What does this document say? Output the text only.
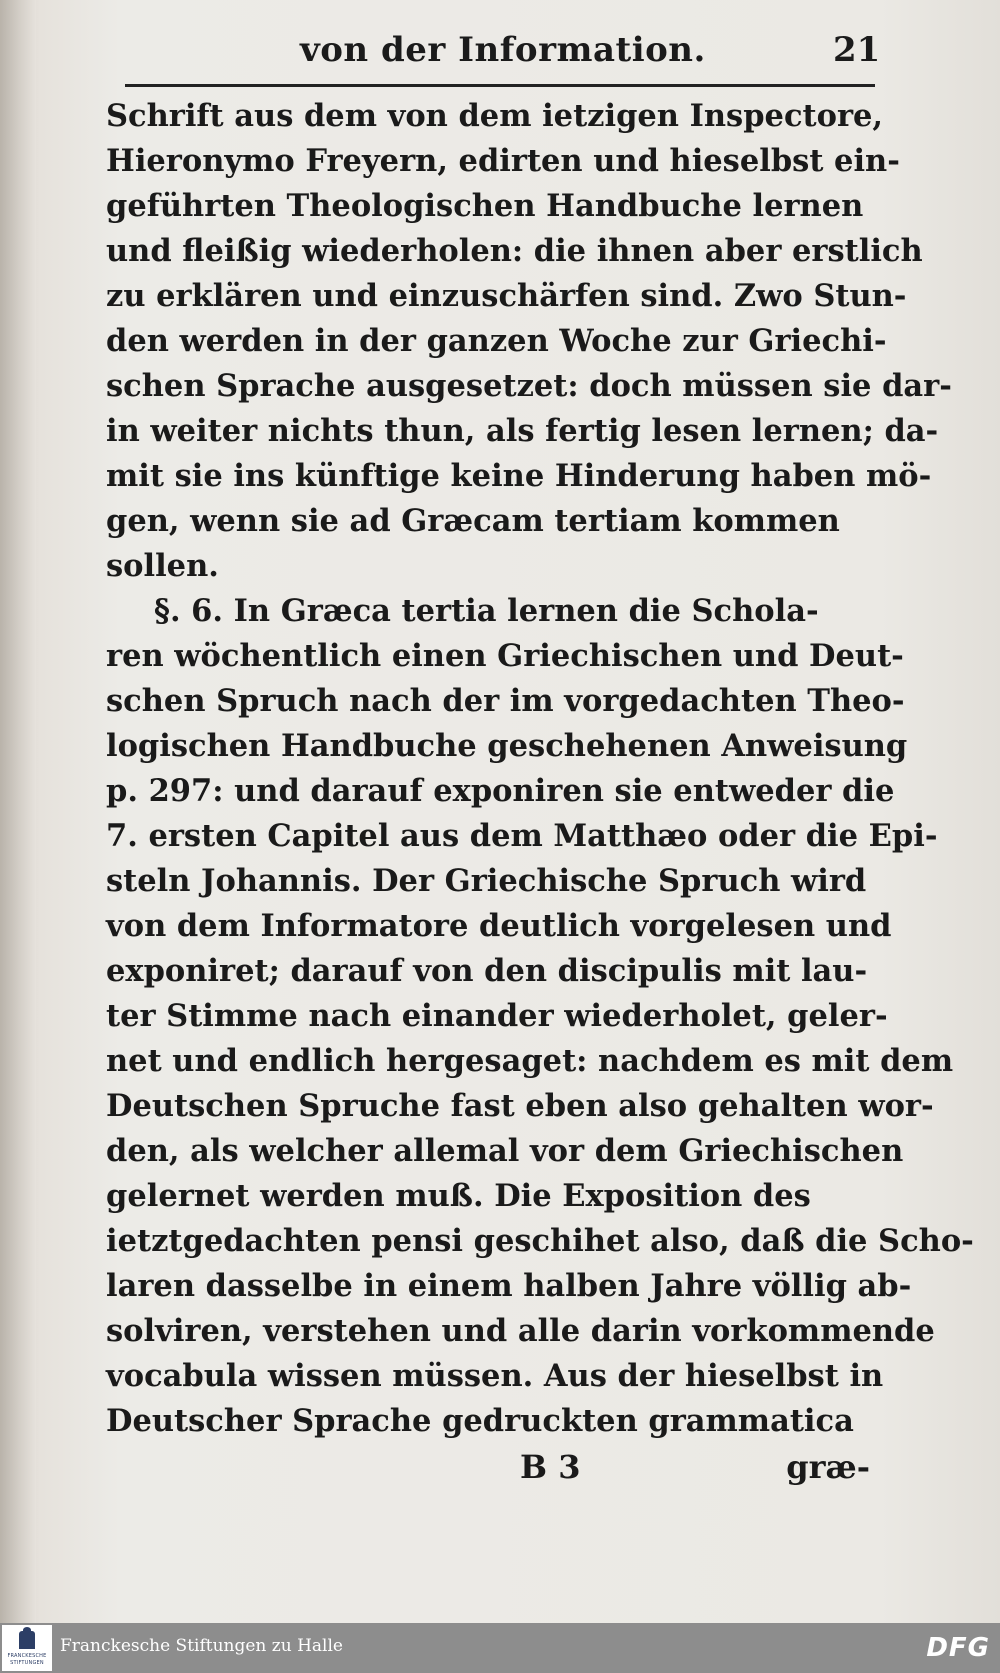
von der Information.	21
Schrift aus dem von dem ietzigen Inspectore,
Hieronymo Freyern, edirten und hieselbst ein-
geführten Theologischen Handbuche lernen
und fleißig wiederholen: die ihnen aber erstlich
zu erklären und einzuschärfen sind. Zwo Stun-
den werden in der ganzen Woche zur Griechi-
schen Sprache ausgesetzet: doch müssen sie dar-
in weiter nichts thun, als fertig lesen lernen; da-
mit sie ins künftige keine Hinderung haben mö-
gen, wenn sie ad Græcam tertiam kommen
sollen.
§. 6. In Græca tertia lernen die Schola-
ren wöchentlich einen Griechischen und Deut-
schen Spruch nach der im vorgedachten Theo-
logischen Handbuche geschehenen Anweisung
p. 297: und darauf exponiren sie entweder die
7. ersten Capitel aus dem Matthæo oder die Epi-
steln Johannis. Der Griechische Spruch wird
von dem Informatore deutlich vorgelesen und
exponiret; darauf von den discipulis mit lau-
ter Stimme nach einander wiederholet, geler-
net und endlich hergesaget: nachdem es mit dem
Deutschen Spruche fast eben also gehalten wor-
den, als welcher allemal vor dem Griechischen
gelernet werden muß. Die Exposition des
ietztgedachten pensi geschihet also, daß die Scho-
laren dasselbe in einem halben Jahre völlig ab-
solviren, verstehen und alle darin vorkommende
vocabula wissen müssen. Aus der hieselbst in
Deutscher Sprache gedruckten grammatica
B 3	græ-
FRANCKESCHE
STIFTUNGEN
Franckesche Stiftungen zu Halle	DFG
